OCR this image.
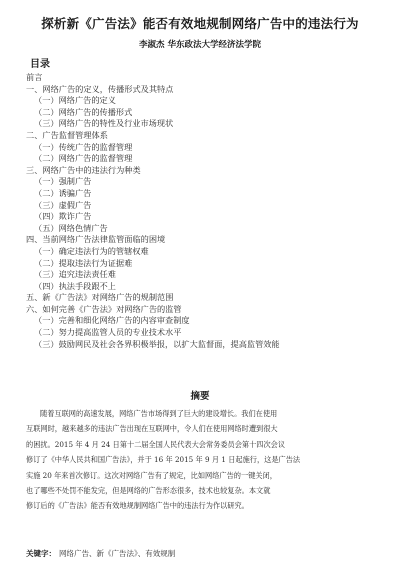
探析新《广告法》能否有效地规制网络广告中的违法行为
李淑杰 华东政法大学经济法学院
目录
前言
一、网络广告的定义，传播形式及其特点
（一）网络广告的定义
（二）网络广告的传播形式
（三）网络广告的特性及行业市场现状
二、广告监督管理体系
（一）传统广告的监督管理
（二）网络广告的监督管理
三、网络广告中的违法行为种类
（一）强制广告
（二）诱骗广告
（三）虚假广告
（四）欺诈广告
（五）网络色情广告
四、当前网络广告法律监管面临的困境
（一）确定违法行为的管辖权难
（二）提取违法行为证据难
（三）追究违法责任难
（四）执法手段跟不上
五、新《广告法》对网络广告的规制范围
六、如何完善《广告法》对网络广告的监管
（一）完善和细化网络广告的内容审查制度
（二）努力提高监管人员的专业技术水平
（三）鼓励网民及社会各界积极举报，以扩大监督面，提高监管效能
摘要

随着互联网的高速发展，网络广告市场得到了巨大的建设增长。我们在使用

互联网时，越来越多的违法广告出现在互联网中，令人们在使用网络时遭到很大

的困扰。2015 年 4 月 24 日第十二届全国人民代表大会常务委员会第十四次会议

修订了《中华人民共和国广告法》，并于 16 年 2015 年 9 月 1 日起施行，这是广告法

实施 20 年来首次修订。这次对网络广告有了规定，比如网络广告的一键关闭，

也了哪些不处罚不能发完，但是网络的广告形态很多，技术也较复杂。本文就

修订后的《广告法》能否有效地规制网络广告中的违法行为作以研究。

关键字： 网络广告、新《广告法》、有效规制
